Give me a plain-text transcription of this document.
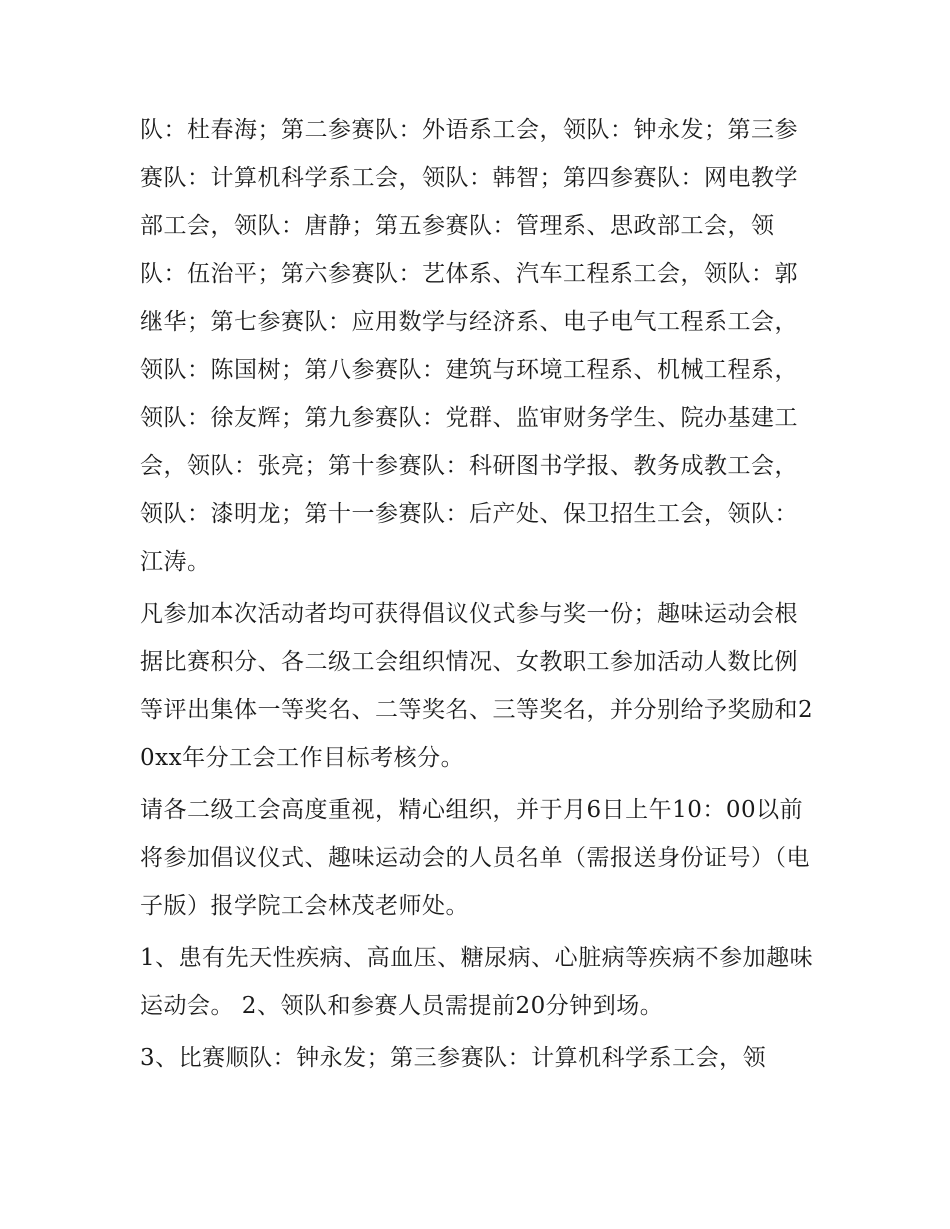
队：杜春海；第二参赛队：外语系工会，领队：钟永发；第三参赛队：计算机科学系工会，领队：韩智；第四参赛队：网电教学部工会，领队：唐静；第五参赛队：管理系、思政部工会，领队：伍治平；第六参赛队：艺体系、汽车工程系工会，领队：郭继华；第七参赛队：应用数学与经济系、电子电气工程系工会，领队：陈国树；第八参赛队：建筑与环境工程系、机械工程系，领队：徐友辉；第九参赛队：党群、监审财务学生、院办基建工会，领队：张亮；第十参赛队：科研图书学报、教务成教工会，领队：漆明龙；第十一参赛队：后产处、保卫招生工会，领队：江涛。

凡参加本次活动者均可获得倡议仪式参与奖一份；趣味运动会根据比赛积分、各二级工会组织情况、女教职工参加活动人数比例等评出集体一等奖名、二等奖名、三等奖名，并分别给予奖励和20xx年分工会工作目标考核分。

请各二级工会高度重视，精心组织，并于月6日上午10：00以前将参加倡议仪式、趣味运动会的人员名单（需报送身份证号）（电子版）报学院工会林茂老师处。

1、患有先天性疾病、高血压、糖尿病、心脏病等疾病不参加趣味运动会。 2、领队和参赛人员需提前20分钟到场。

3、比赛顺队：钟永发；第三参赛队：计算机科学系工会，领
